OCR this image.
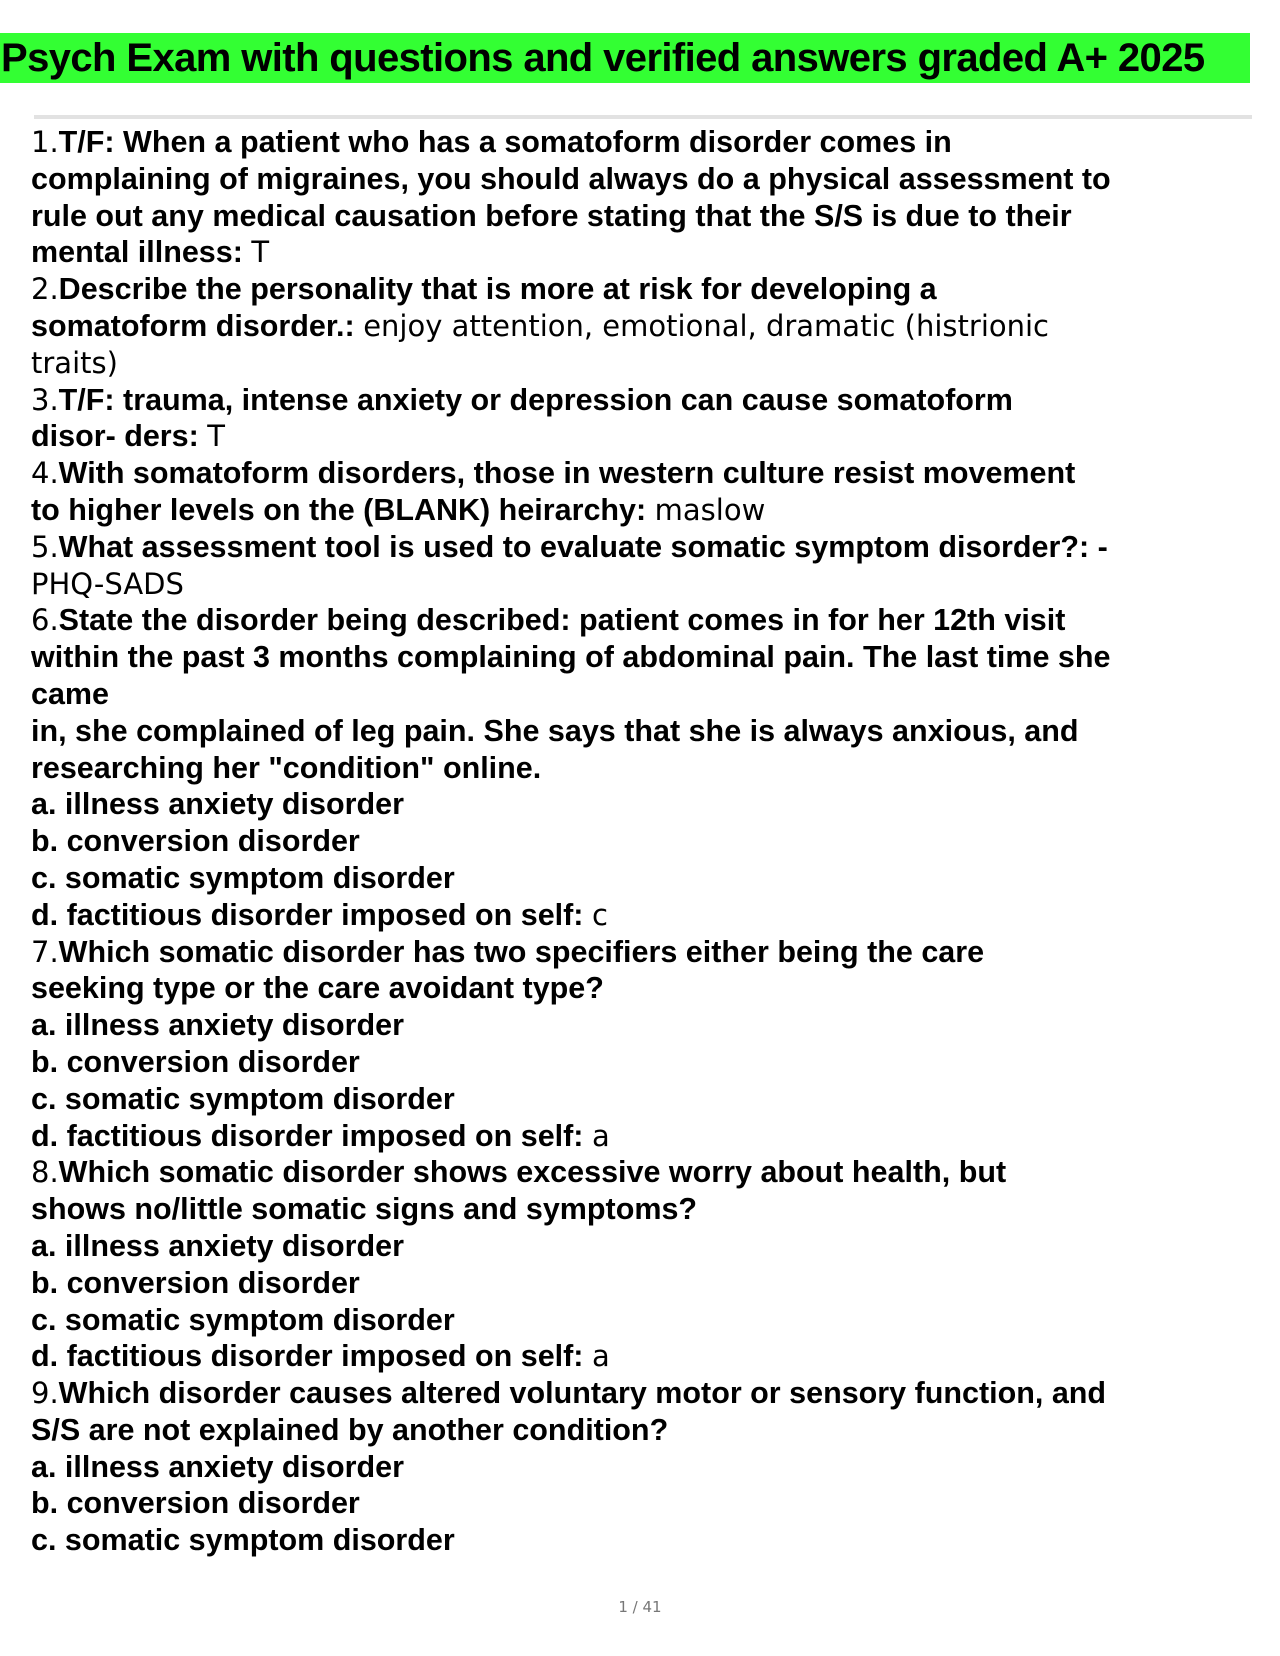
Psych Exam with questions and verified answers graded A+ 2025
1.T/F: When a patient who has a somatoform disorder comes in
complaining of migraines, you should always do a physical assessment to
rule out any medical causation before stating that the S/S is due to their
mental illness: T
2.Describe the personality that is more at risk for developing a
somatoform disorder.: enjoy attention, emotional, dramatic (histrionic
traits)
3.T/F: trauma, intense anxiety or depression can cause somatoform
disor- ders: T
4.With somatoform disorders, those in western culture resist movement
to higher levels on the (BLANK) heirarchy: maslow
5.What assessment tool is used to evaluate somatic symptom disorder?: -
PHQ-SADS
6.State the disorder being described: patient comes in for her 12th visit
within the past 3 months complaining of abdominal pain. The last time she
came
in, she complained of leg pain. She says that she is always anxious, and
researching her "condition" online.
a. illness anxiety disorder
b. conversion disorder
c. somatic symptom disorder
d. factitious disorder imposed on self: c
7.Which somatic disorder has two specifiers either being the care
seeking type or the care avoidant type?
a. illness anxiety disorder
b. conversion disorder
c. somatic symptom disorder
d. factitious disorder imposed on self: a
8.Which somatic disorder shows excessive worry about health, but
shows no/little somatic signs and symptoms?
a. illness anxiety disorder
b. conversion disorder
c. somatic symptom disorder
d. factitious disorder imposed on self: a
9.Which disorder causes altered voluntary motor or sensory function, and
S/S are not explained by another condition?
a. illness anxiety disorder
b. conversion disorder
c. somatic symptom disorder
1 / 41
